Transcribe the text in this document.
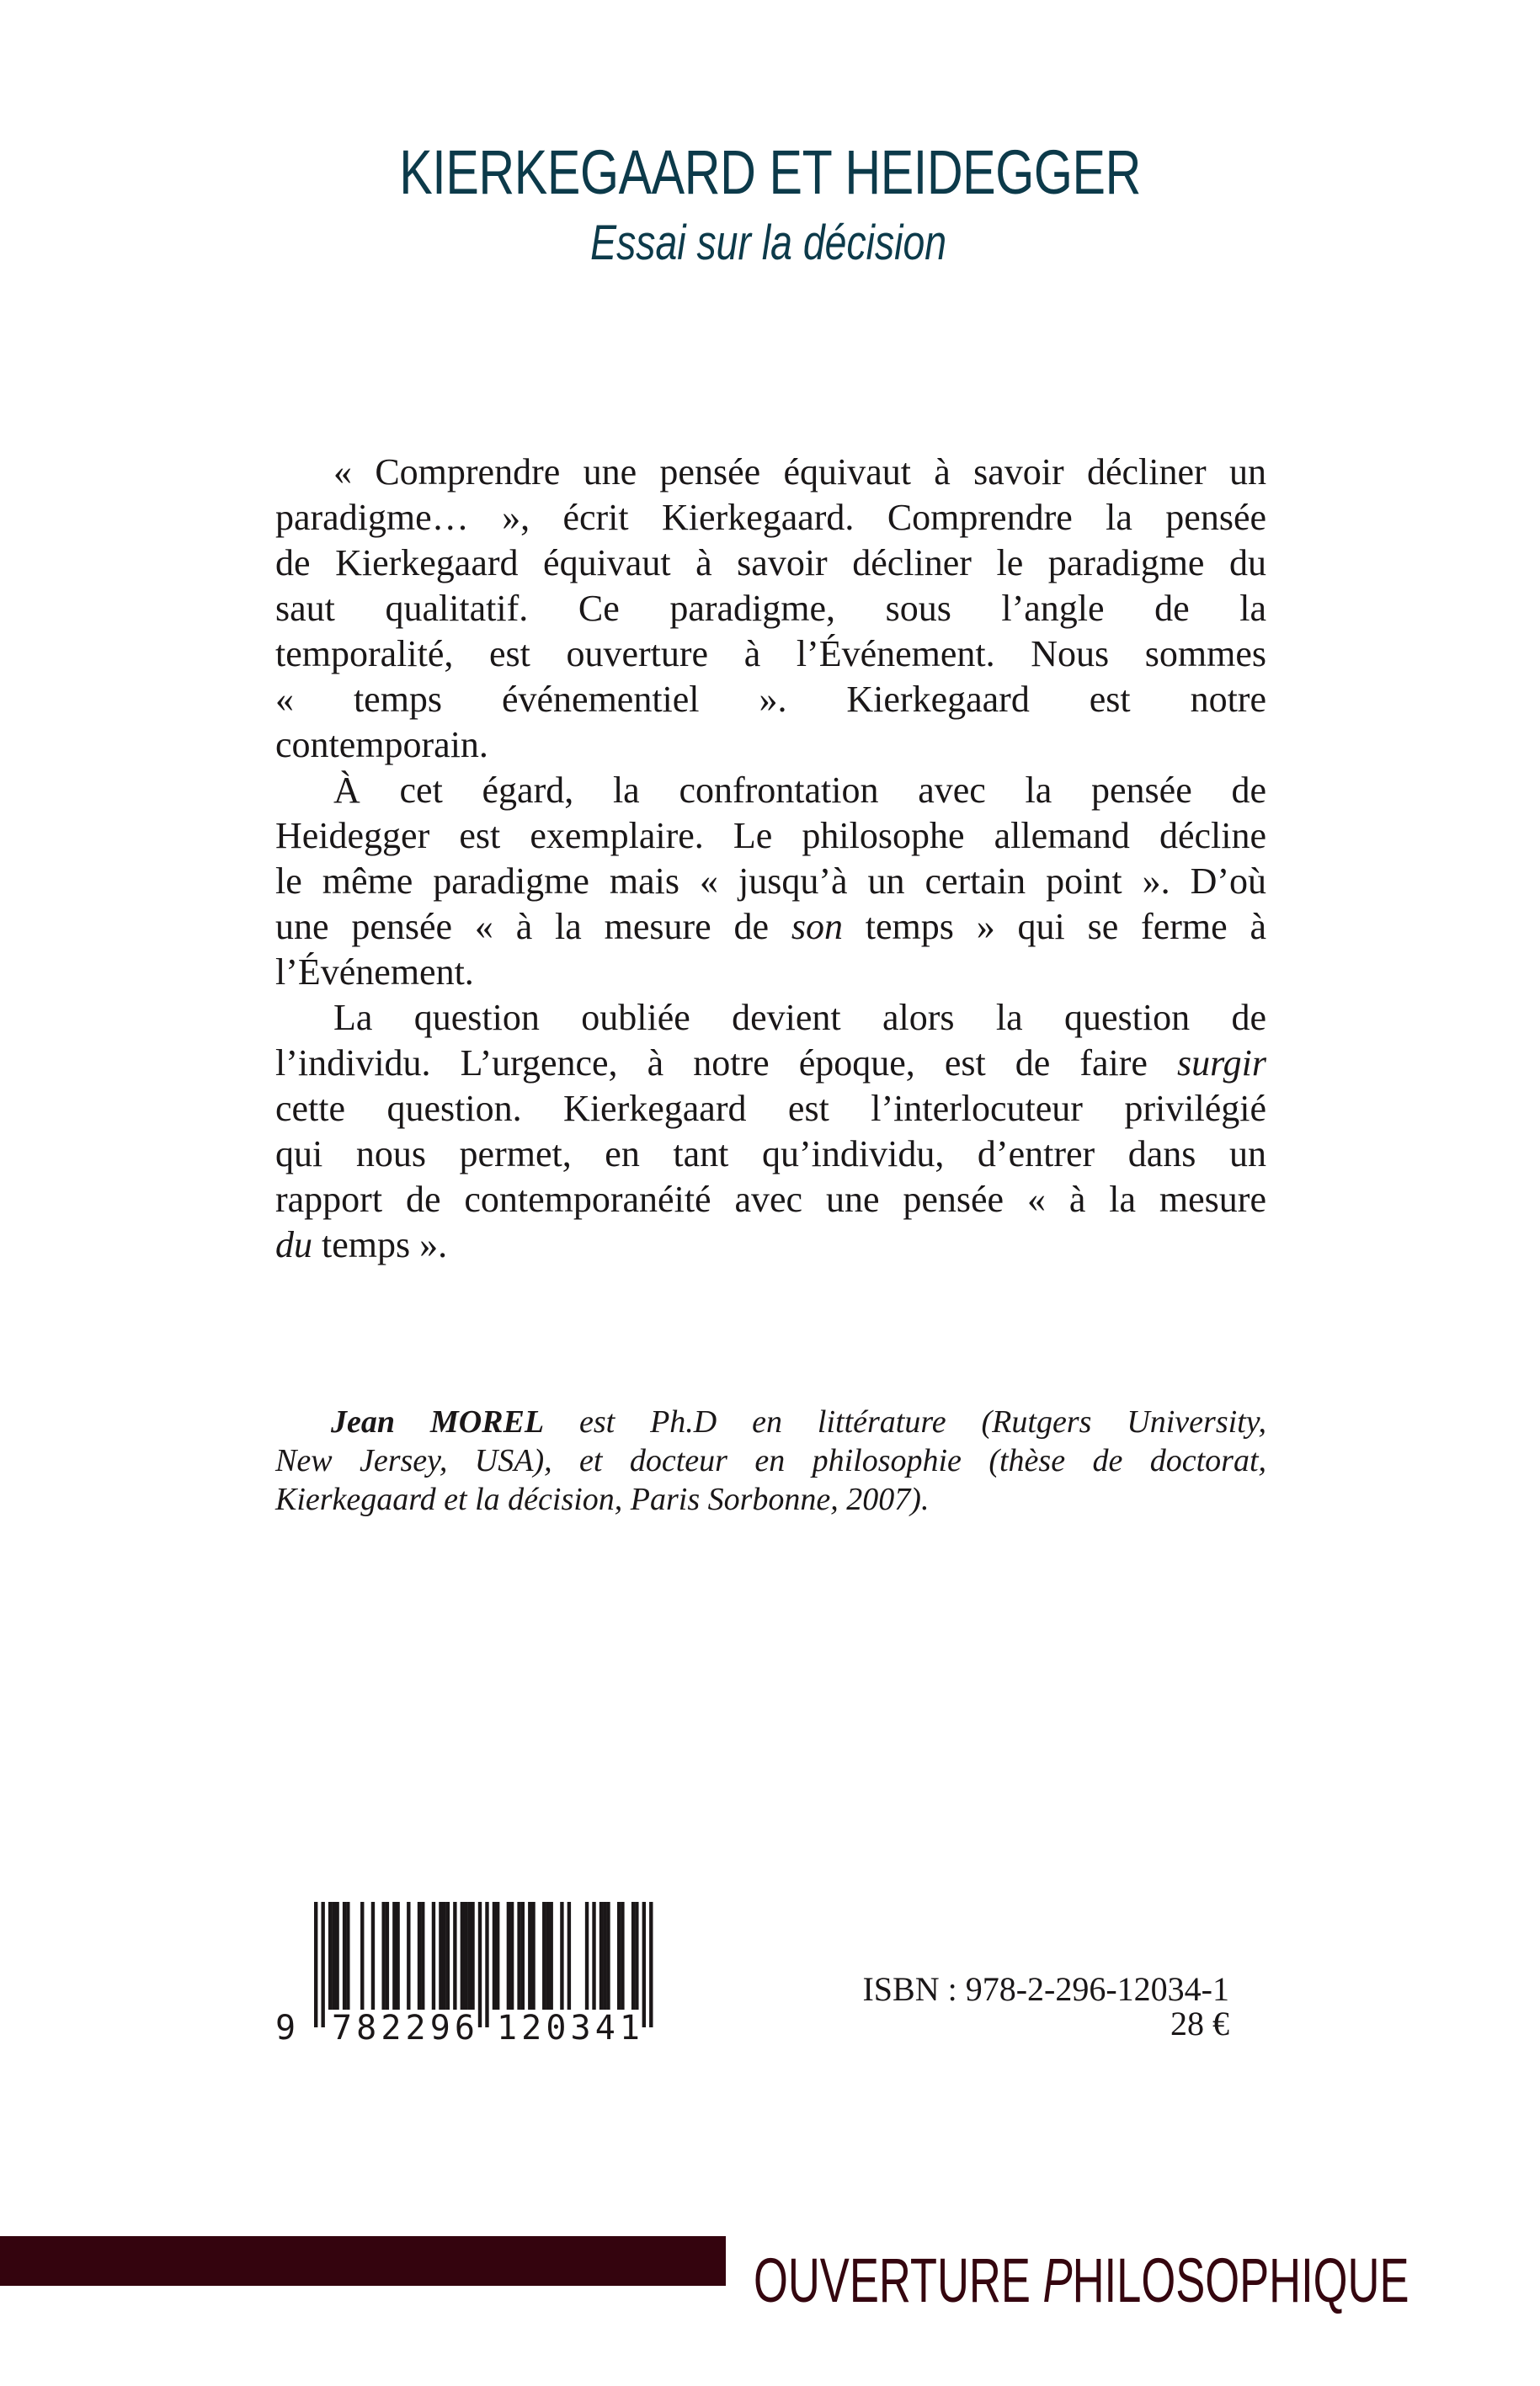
KIERKEGAARD ET HEIDEGGER
Essai sur la décision
« Comprendre une pensée équivaut à savoir décliner un
paradigme… », écrit Kierkegaard. Comprendre la pensée
de Kierkegaard équivaut à savoir décliner le paradigme du
saut qualitatif. Ce paradigme, sous l’angle de la
temporalité, est ouverture à l’Événement. Nous sommes
« temps événementiel ». Kierkegaard est notre
contemporain.
À cet égard, la confrontation avec la pensée de
Heidegger est exemplaire. Le philosophe allemand décline
le même paradigme mais « jusqu’à un certain point ». D’où
une pensée « à la mesure de son temps » qui se ferme à
l’Événement.
La question oubliée devient alors la question de
l’individu. L’urgence, à notre époque, est de faire surgir
cette question. Kierkegaard est l’interlocuteur privilégié
qui nous permet, en tant qu’individu, d’entrer dans un
rapport de contemporanéité avec une pensée « à la mesure
du temps ».
Jean MOREL est Ph.D en littérature (Rutgers University,
New Jersey, USA), et docteur en philosophie (thèse de doctorat,
Kierkegaard et la décision, Paris Sorbonne, 2007).
9 782296 120341
ISBN : 978-2-296-12034-1
28 €
OUVERTURE PHILOSOPHIQUE
